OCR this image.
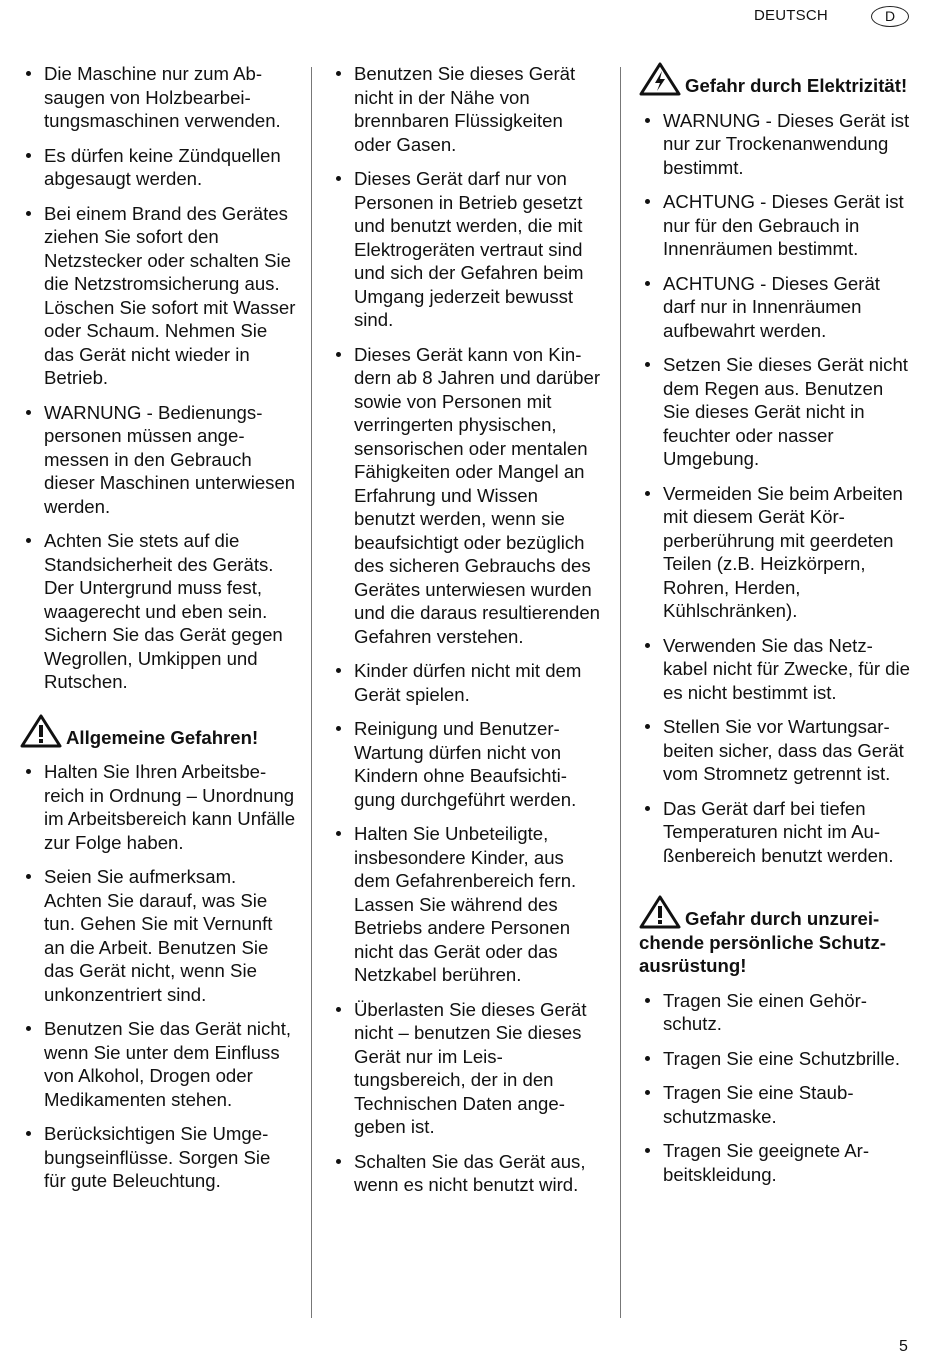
DEUTSCH	D
Die Maschine nur zum Absaugen von Holzbearbeitungsmaschinen verwenden.
Es dürfen keine Zündquellen abgesaugt werden.
Bei einem Brand des Gerätes ziehen Sie sofort den Netzstecker oder schalten Sie die Netzstromsicherung aus. Löschen Sie sofort mit Wasser oder Schaum. Nehmen Sie das Gerät nicht wieder in Betrieb.
WARNUNG - Bedienungspersonen müssen angemessen in den Gebrauch dieser Maschinen unterwiesen werden.
Achten Sie stets auf die Standsicherheit des Geräts. Der Untergrund muss fest, waagerecht und eben sein. Sichern Sie das Gerät gegen Wegrollen, Umkippen und Rutschen.
Allgemeine Gefahren!
Halten Sie Ihren Arbeitsbereich in Ordnung – Unordnung im Arbeitsbereich kann Unfälle zur Folge haben.
Seien Sie aufmerksam. Achten Sie darauf, was Sie tun. Gehen Sie mit Vernunft an die Arbeit. Benutzen Sie das Gerät nicht, wenn Sie unkonzentriert sind.
Benutzen Sie das Gerät nicht, wenn Sie unter dem Einfluss von Alkohol, Drogen oder Medikamenten stehen.
Berücksichtigen Sie Umgebungseinflüsse. Sorgen Sie für gute Beleuchtung.
Benutzen Sie dieses Gerät nicht in der Nähe von brennbaren Flüssigkeiten oder Gasen.
Dieses Gerät darf nur von Personen in Betrieb gesetzt und benutzt werden, die mit Elektrogeräten vertraut sind und sich der Gefahren beim Umgang jederzeit bewusst sind.
Dieses Gerät kann von Kindern ab 8 Jahren und darüber sowie von Personen mit verringerten physischen, sensorischen oder mentalen Fähigkeiten oder Mangel an Erfahrung und Wissen benutzt werden, wenn sie beaufsichtigt oder bezüglich des sicheren Gebrauchs des Gerätes unterwiesen wurden und die daraus resultierenden Gefahren verstehen.
Kinder dürfen nicht mit dem Gerät spielen.
Reinigung und Benutzer-Wartung dürfen nicht von Kindern ohne Beaufsichtigung durchgeführt werden.
Halten Sie Unbeteiligte, insbesondere Kinder, aus dem Gefahrenbereich fern. Lassen Sie während des Betriebs andere Personen nicht das Gerät oder das Netzkabel berühren.
Überlasten Sie dieses Gerät nicht – benutzen Sie dieses Gerät nur im Leistungsbereich, der in den Technischen Daten angegeben ist.
Schalten Sie das Gerät aus, wenn es nicht benutzt wird.
Gefahr durch Elektrizität!
WARNUNG - Dieses Gerät ist nur zur Trockenanwendung bestimmt.
ACHTUNG - Dieses Gerät ist nur für den Gebrauch in Innenräumen bestimmt.
ACHTUNG - Dieses Gerät darf nur in Innenräumen aufbewahrt werden.
Setzen Sie dieses Gerät nicht dem Regen aus. Benutzen Sie dieses Gerät nicht in feuchter oder nasser Umgebung.
Vermeiden Sie beim Arbeiten mit diesem Gerät Körperberührung mit geerdeten Teilen (z.B. Heizkörpern, Rohren, Herden, Kühlschränken).
Verwenden Sie das Netzkabel nicht für Zwecke, für die es nicht bestimmt ist.
Stellen Sie vor Wartungsarbeiten sicher, dass das Gerät vom Stromnetz getrennt ist.
Das Gerät darf bei tiefen Temperaturen nicht im Außenbereich benutzt werden.
Gefahr durch unzureichende persönliche Schutzausrüstung!
Tragen Sie einen Gehörschutz.
Tragen Sie eine Schutzbrille.
Tragen Sie eine Staubschutzmaske.
Tragen Sie geeignete Arbeitskleidung.
5
